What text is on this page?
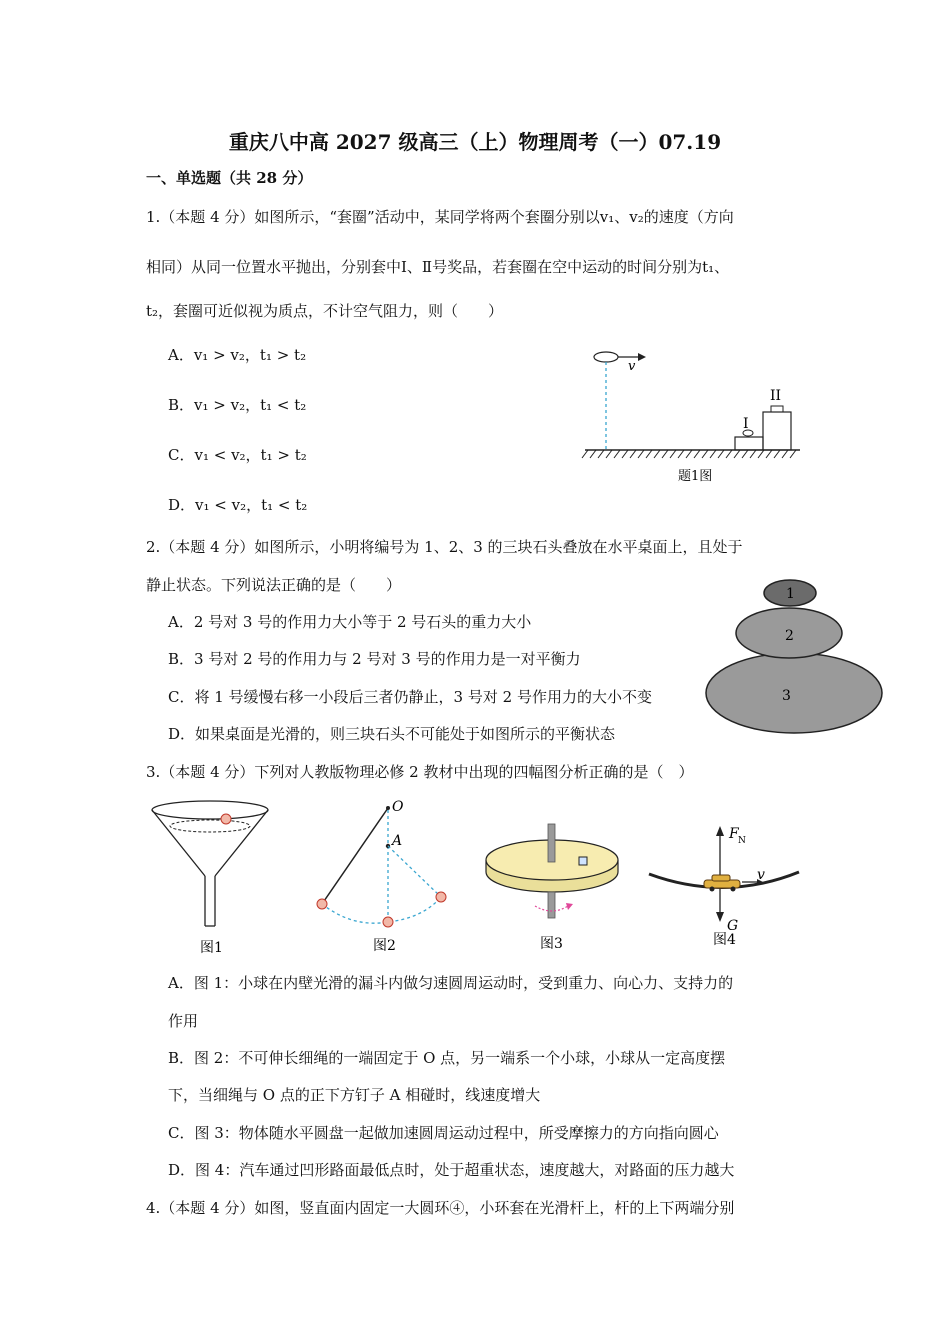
重庆八中高 2027 级高三（上）物理周考（一）07.19
一、单选题（共 28 分）
1.（本题 4 分）如图所示，“套圈”活动中，某同学将两个套圈分别以v₁、v₂的速度（方向
相同）从同一位置水平抛出，分别套中Ⅰ、Ⅱ号奖品，若套圈在空中运动的时间分别为t₁、
t₂，套圈可近似视为质点，不计空气阻力，则（　　）
A．v₁ > v₂，t₁ > t₂
B．v₁ > v₂，t₁ < t₂
C．v₁ < v₂，t₁ > t₂
D．v₁ < v₂，t₁ < t₂
v
I
II
题1图
2.（本题 4 分）如图所示，小明将编号为 1、2、3 的三块石头叠放在水平桌面上，且处于
静止状态。下列说法正确的是（　　）
A．2 号对 3 号的作用力大小等于 2 号石头的重力大小
B．3 号对 2 号的作用力与 2 号对 3 号的作用力是一对平衡力
C．将 1 号缓慢右移一小段后三者仍静止，3 号对 2 号作用力的大小不变
D．如果桌面是光滑的，则三块石头不可能处于如图所示的平衡状态
1
2
3
3.（本题 4 分）下列对人教版物理必修 2 教材中出现的四幅图分析正确的是（　）
图1
O
A
图2	图3
F N
G
v
图4
A．图 1：小球在内壁光滑的漏斗内做匀速圆周运动时，受到重力、向心力、支持力的
作用
B．图 2：不可伸长细绳的一端固定于 O 点，另一端系一个小球，小球从一定高度摆
下，当细绳与 O 点的正下方钉子 A 相碰时，线速度增大
C．图 3：物体随水平圆盘一起做加速圆周运动过程中，所受摩擦力的方向指向圆心
D．图 4：汽车通过凹形路面最低点时，处于超重状态，速度越大，对路面的压力越大
4.（本题 4 分）如图，竖直面内固定一大圆环④，小环套在光滑杆上，杆的上下两端分别
